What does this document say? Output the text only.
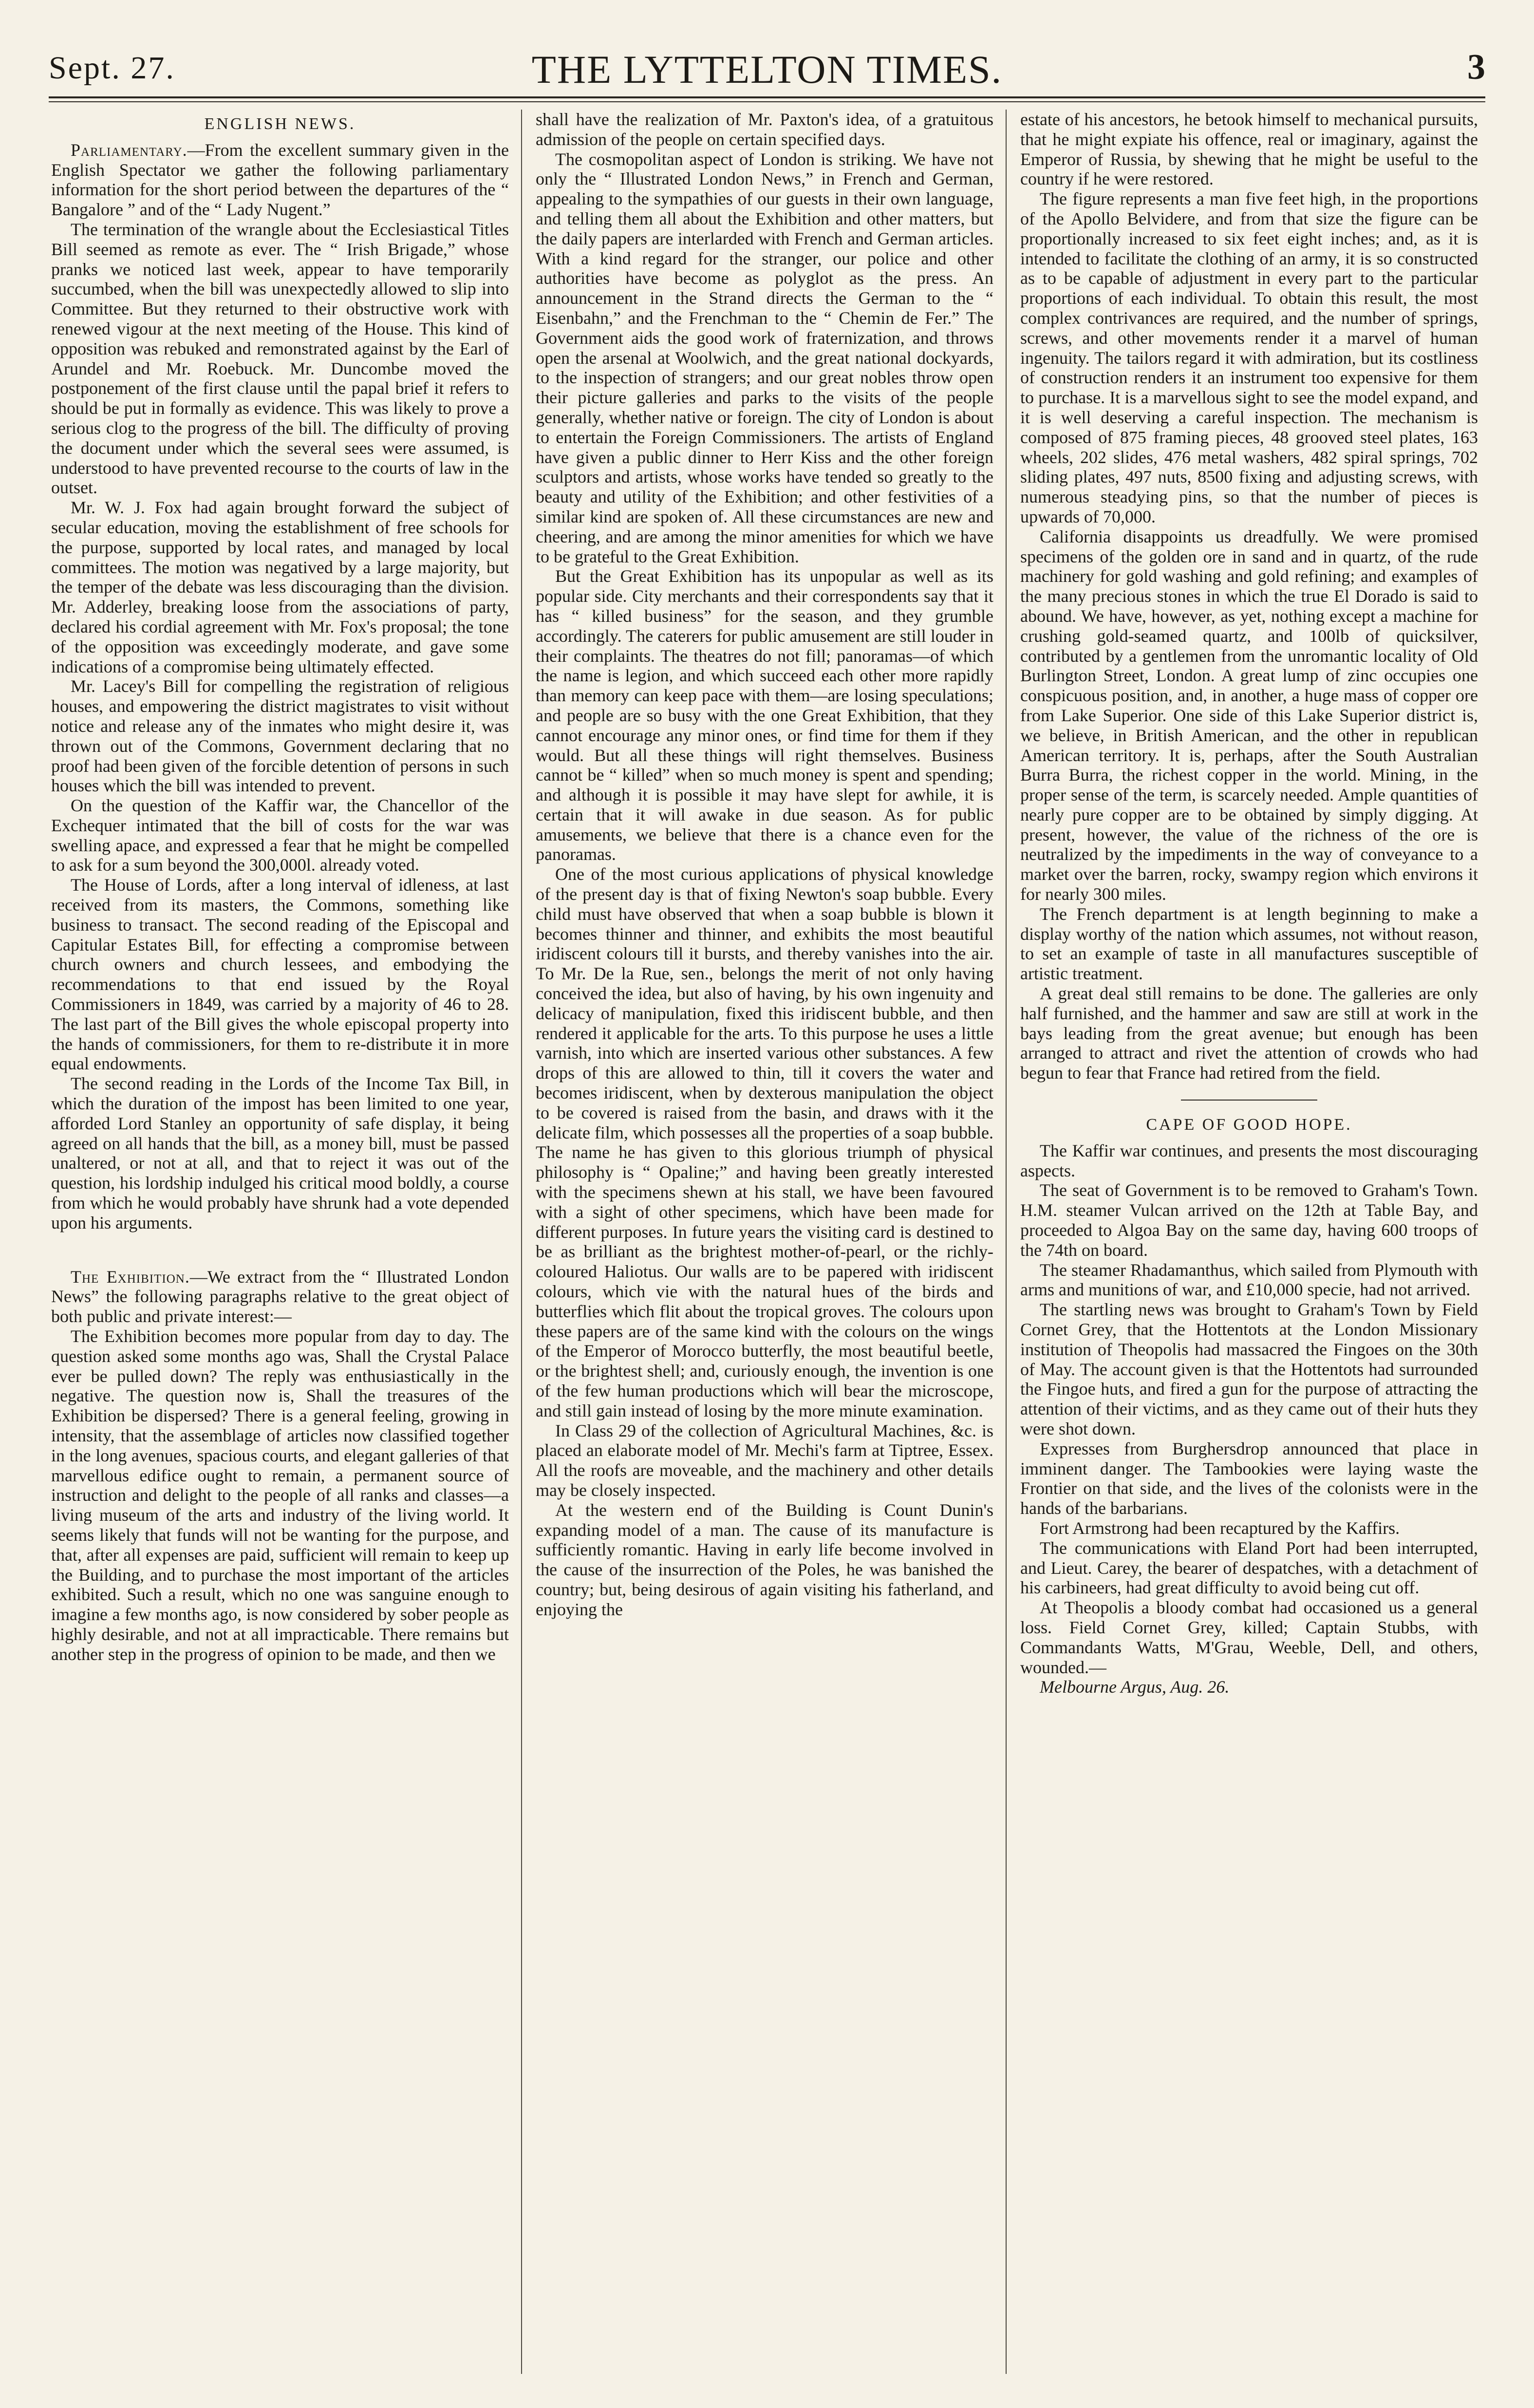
Sept. 27.	THE LYTTELTON TIMES.	3
ENGLISH NEWS.

Parliamentary.—From the excellent summary given in the English Spectator we gather the following parliamentary information for the short period between the departures of the “ Bangalore ” and of the “ Lady Nugent.”

The termination of the wrangle about the Ecclesiastical Titles Bill seemed as remote as ever. The “ Irish Brigade,” whose pranks we noticed last week, appear to have temporarily succumbed, when the bill was unexpectedly allowed to slip into Committee. But they returned to their obstructive work with renewed vigour at the next meeting of the House. This kind of opposition was rebuked and remonstrated against by the Earl of Arundel and Mr. Roebuck. Mr. Duncombe moved the postponement of the first clause until the papal brief it refers to should be put in formally as evidence. This was likely to prove a serious clog to the progress of the bill. The difficulty of proving the document under which the several sees were assumed, is understood to have prevented recourse to the courts of law in the outset.

Mr. W. J. Fox had again brought forward the subject of secular education, moving the establishment of free schools for the purpose, supported by local rates, and managed by local committees. The motion was negatived by a large majority, but the temper of the debate was less discouraging than the division. Mr. Adderley, breaking loose from the associations of party, declared his cordial agreement with Mr. Fox's proposal; the tone of the opposition was exceedingly moderate, and gave some indications of a compromise being ultimately effected.

Mr. Lacey's Bill for compelling the registration of religious houses, and empowering the district magistrates to visit without notice and release any of the inmates who might desire it, was thrown out of the Commons, Government declaring that no proof had been given of the forcible detention of persons in such houses which the bill was intended to prevent.

On the question of the Kaffir war, the Chancellor of the Exchequer intimated that the bill of costs for the war was swelling apace, and expressed a fear that he might be compelled to ask for a sum beyond the 300,000l. already voted.

The House of Lords, after a long interval of idleness, at last received from its masters, the Commons, something like business to transact. The second reading of the Episcopal and Capitular Estates Bill, for effecting a compromise between church owners and church lessees, and embodying the recommendations to that end issued by the Royal Commissioners in 1849, was carried by a majority of 46 to 28. The last part of the Bill gives the whole episcopal property into the hands of commissioners, for them to re-distribute it in more equal endowments.

The second reading in the Lords of the Income Tax Bill, in which the duration of the impost has been limited to one year, afforded Lord Stanley an opportunity of safe display, it being agreed on all hands that the bill, as a money bill, must be passed unaltered, or not at all, and that to reject it was out of the question, his lordship indulged his critical mood boldly, a course from which he would probably have shrunk had a vote depended upon his arguments.

The Exhibition.—We extract from the “ Illustrated London News” the following paragraphs relative to the great object of both public and private interest:—

The Exhibition becomes more popular from day to day. The question asked some months ago was, Shall the Crystal Palace ever be pulled down? The reply was enthusiastically in the negative. The question now is, Shall the treasures of the Exhibition be dispersed? There is a general feeling, growing in intensity, that the assemblage of articles now classified together in the long avenues, spacious courts, and elegant galleries of that marvellous edifice ought to remain, a permanent source of instruction and delight to the people of all ranks and classes—a living museum of the arts and industry of the living world. It seems likely that funds will not be wanting for the purpose, and that, after all expenses are paid, sufficient will remain to keep up the Building, and to purchase the most important of the articles exhibited. Such a result, which no one was sanguine enough to imagine a few months ago, is now considered by sober people as highly desirable, and not at all impracticable. There remains but another step in the progress of opinion to be made, and then we

shall have the realization of Mr. Paxton's idea, of a gratuitous admission of the people on certain specified days.

The cosmopolitan aspect of London is striking. We have not only the “ Illustrated London News,” in French and German, appealing to the sympathies of our guests in their own language, and telling them all about the Exhibition and other matters, but the daily papers are interlarded with French and German articles. With a kind regard for the stranger, our police and other authorities have become as polyglot as the press. An announcement in the Strand directs the German to the “ Eisenbahn,” and the Frenchman to the “ Chemin de Fer.” The Government aids the good work of fraternization, and throws open the arsenal at Woolwich, and the great national dockyards, to the inspection of strangers; and our great nobles throw open their picture galleries and parks to the visits of the people generally, whether native or foreign. The city of London is about to entertain the Foreign Commissioners. The artists of England have given a public dinner to Herr Kiss and the other foreign sculptors and artists, whose works have tended so greatly to the beauty and utility of the Exhibition; and other festivities of a similar kind are spoken of. All these circumstances are new and cheering, and are among the minor amenities for which we have to be grateful to the Great Exhibition.

But the Great Exhibition has its unpopular as well as its popular side. City merchants and their correspondents say that it has “ killed business” for the season, and they grumble accordingly. The caterers for public amusement are still louder in their complaints. The theatres do not fill; panoramas—of which the name is legion, and which succeed each other more rapidly than memory can keep pace with them—are losing speculations; and people are so busy with the one Great Exhibition, that they cannot encourage any minor ones, or find time for them if they would. But all these things will right themselves. Business cannot be “ killed” when so much money is spent and spending; and although it is possible it may have slept for awhile, it is certain that it will awake in due season. As for public amusements, we believe that there is a chance even for the panoramas.

One of the most curious applications of physical knowledge of the present day is that of fixing Newton's soap bubble. Every child must have observed that when a soap bubble is blown it becomes thinner and thinner, and exhibits the most beautiful iridiscent colours till it bursts, and thereby vanishes into the air. To Mr. De la Rue, sen., belongs the merit of not only having conceived the idea, but also of having, by his own ingenuity and delicacy of manipulation, fixed this iridiscent bubble, and then rendered it applicable for the arts. To this purpose he uses a little varnish, into which are inserted various other substances. A few drops of this are allowed to thin, till it covers the water and becomes iridiscent, when by dexterous manipulation the object to be covered is raised from the basin, and draws with it the delicate film, which possesses all the properties of a soap bubble. The name he has given to this glorious triumph of physical philosophy is “ Opaline;” and having been greatly interested with the specimens shewn at his stall, we have been favoured with a sight of other specimens, which have been made for different purposes. In future years the visiting card is destined to be as brilliant as the brightest mother-of-pearl, or the richly-coloured Haliotus. Our walls are to be papered with iridiscent colours, which vie with the natural hues of the birds and butterflies which flit about the tropical groves. The colours upon these papers are of the same kind with the colours on the wings of the Emperor of Morocco butterfly, the most beautiful beetle, or the brightest shell; and, curiously enough, the invention is one of the few human productions which will bear the microscope, and still gain instead of losing by the more minute examination.

In Class 29 of the collection of Agricultural Machines, &c. is placed an elaborate model of Mr. Mechi's farm at Tiptree, Essex. All the roofs are moveable, and the machinery and other details may be closely inspected.

At the western end of the Building is Count Dunin's expanding model of a man. The cause of its manufacture is sufficiently romantic. Having in early life become involved in the cause of the insurrection of the Poles, he was banished the country; but, being desirous of again visiting his fatherland, and enjoying the

estate of his ancestors, he betook himself to mechanical pursuits, that he might expiate his offence, real or imaginary, against the Emperor of Russia, by shewing that he might be useful to the country if he were restored.

The figure represents a man five feet high, in the proportions of the Apollo Belvidere, and from that size the figure can be proportionally increased to six feet eight inches; and, as it is intended to facilitate the clothing of an army, it is so constructed as to be capable of adjustment in every part to the particular proportions of each individual. To obtain this result, the most complex contrivances are required, and the number of springs, screws, and other movements render it a marvel of human ingenuity. The tailors regard it with admiration, but its costliness of construction renders it an instrument too expensive for them to purchase. It is a marvellous sight to see the model expand, and it is well deserving a careful inspection. The mechanism is composed of 875 framing pieces, 48 grooved steel plates, 163 wheels, 202 slides, 476 metal washers, 482 spiral springs, 702 sliding plates, 497 nuts, 8500 fixing and adjusting screws, with numerous steadying pins, so that the number of pieces is upwards of 70,000.

California disappoints us dreadfully. We were promised specimens of the golden ore in sand and in quartz, of the rude machinery for gold washing and gold refining; and examples of the many precious stones in which the true El Dorado is said to abound. We have, however, as yet, nothing except a machine for crushing gold-seamed quartz, and 100lb of quicksilver, contributed by a gentlemen from the unromantic locality of Old Burlington Street, London. A great lump of zinc occupies one conspicuous position, and, in another, a huge mass of copper ore from Lake Superior. One side of this Lake Superior district is, we believe, in British American, and the other in republican American territory. It is, perhaps, after the South Australian Burra Burra, the richest copper in the world. Mining, in the proper sense of the term, is scarcely needed. Ample quantities of nearly pure copper are to be obtained by simply digging. At present, however, the value of the richness of the ore is neutralized by the impediments in the way of conveyance to a market over the barren, rocky, swampy region which environs it for nearly 300 miles.

The French department is at length beginning to make a display worthy of the nation which assumes, not without reason, to set an example of taste in all manufactures susceptible of artistic treatment.

A great deal still remains to be done. The galleries are only half furnished, and the hammer and saw are still at work in the bays leading from the great avenue; but enough has been arranged to attract and rivet the attention of crowds who had begun to fear that France had retired from the field.

CAPE OF GOOD HOPE.

The Kaffir war continues, and presents the most discouraging aspects.

The seat of Government is to be removed to Graham's Town. H.M. steamer Vulcan arrived on the 12th at Table Bay, and proceeded to Algoa Bay on the same day, having 600 troops of the 74th on board.

The steamer Rhadamanthus, which sailed from Plymouth with arms and munitions of war, and £10,000 specie, had not arrived.

The startling news was brought to Graham's Town by Field Cornet Grey, that the Hottentots at the London Missionary institution of Theopolis had massacred the Fingoes on the 30th of May. The account given is that the Hottentots had surrounded the Fingoe huts, and fired a gun for the purpose of attracting the attention of their victims, and as they came out of their huts they were shot down.

Expresses from Burghersdrop announced that place in imminent danger. The Tambookies were laying waste the Frontier on that side, and the lives of the colonists were in the hands of the barbarians.

Fort Armstrong had been recaptured by the Kaffirs.

The communications with Eland Port had been interrupted, and Lieut. Carey, the bearer of despatches, with a detachment of his carbineers, had great difficulty to avoid being cut off.

At Theopolis a bloody combat had occasioned us a general loss. Field Cornet Grey, killed; Captain Stubbs, with Commandants Watts, M'Grau, Weeble, Dell, and others, wounded.—

Melbourne Argus, Aug. 26.
